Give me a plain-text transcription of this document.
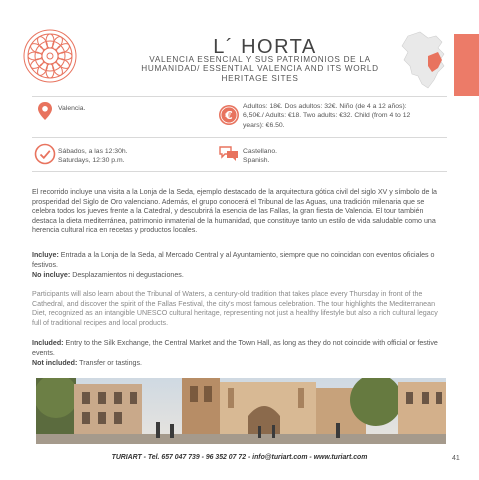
L´ HORTA
VALENCIA ESENCIAL Y SUS PATRIMONIOS DE LA
HUMANIDAD/ ESSENTIAL VALENCIA AND ITS WORLD
HERITAGE SITES
Valencia.
€
Adultos: 18€. Dos adultos: 32€. Niño (de 4 a 12 años):
6,50€./ Adults: €18. Two adults: €32. Child (from 4 to 12
years): €6.50.
Sábados, a las 12:30h.
Saturdays, 12:30 p.m.
Castellano.
Spanish.
El recorrido incluye una visita a la Lonja de la Seda, ejemplo destacado de la arquitectura gótica civil del siglo XV y símbolo de la prosperidad del Siglo de Oro valenciano. Además, el grupo conocerá el Tribunal de las Aguas, una tradición milenaria que se celebra todos los jueves frente a la Catedral, y descubrirá la esencia de las Fallas, la gran fiesta de Valencia. El tour también destaca la dieta mediterránea, patrimonio inmaterial de la humanidad, que constituye tanto un estilo de vida saludable como una herencia cultural rica en recetas y productos locales.
Incluye: Entrada a la Lonja de la Seda, al Mercado Central y al Ayuntamiento, siempre que no coincidan con eventos oficiales o festivos.
No incluye: Desplazamientos ni degustaciones.
Participants will also learn about the Tribunal of Waters, a century-old tradition that takes place every Thursday in front of the Cathedral, and discover the spirit of the Fallas Festival, the city's most famous celebration. The tour highlights the Mediterranean Diet, recognized as an intangible UNESCO cultural heritage, representing not just a healthy lifestyle but also a rich cultural legacy full of traditional recipes and local products.
Included: Entry to the Silk Exchange, the Central Market and the Town Hall, as long as they do not coincide with official or festive events.
Not included: Transfer or tastings.
TURIART - Tel. 657 047 739 - 96 352 07 72 - info@turiart.com - www.turiart.com	41
